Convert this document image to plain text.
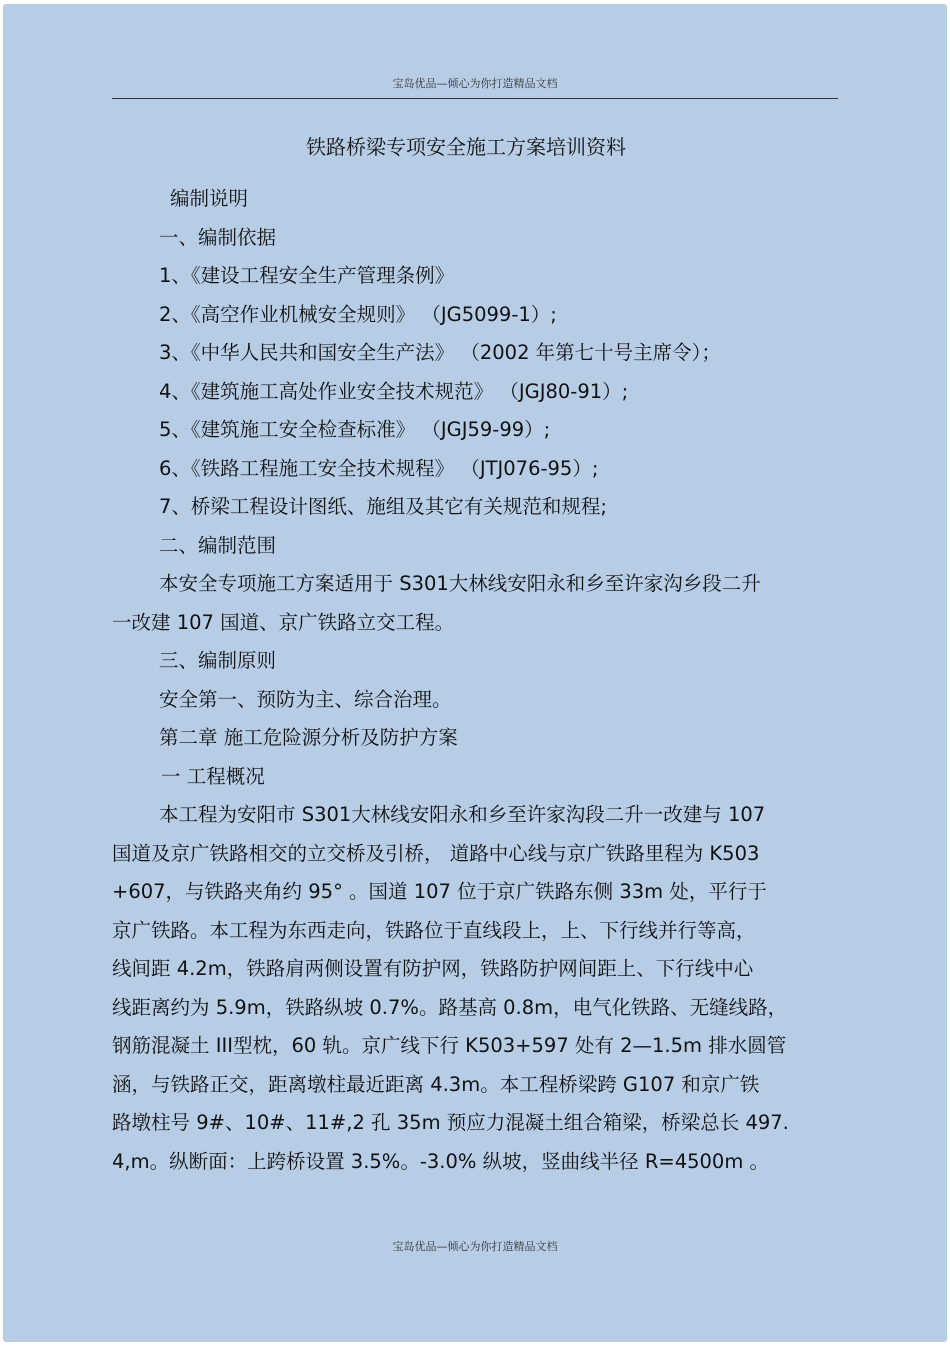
宝岛优品—倾心为你打造精品文档
铁路桥梁专项安全施工方案培训资料
编制说明
一、编制依据
1、《建设工程安全生产管理条例》
2、《高空作业机械安全规则》 （JG5099-1）;
3、《中华人民共和国安全生产法》 （2002 年第七十号主席令）；
4、《建筑施工高处作业安全技术规范》 （JGJ80-91）;
5、《建筑施工安全检查标准》 （JGJ59-99）;
6、《铁路工程施工安全技术规程》 （JTJ076-95）;
7、桥梁工程设计图纸、施组及其它有关规范和规程;
二、编制范围
本安全专项施工方案适用于 S301大林线安阳永和乡至许家沟乡段二升
一改建 107 国道、京广铁路立交工程。
三、编制原则
安全第一、预防为主、综合治理。
第二章 施工危险源分析及防护方案
一 工程概况
本工程为安阳市 S301大林线安阳永和乡至许家沟段二升一改建与 107
国道及京广铁路相交的立交桥及引桥， 道路中心线与京广铁路里程为 K503
+607，与铁路夹角约 95° 。国道 107 位于京广铁路东侧 33m 处，平行于
京广铁路。本工程为东西走向，铁路位于直线段上，上、下行线并行等高，
线间距 4.2m，铁路肩两侧设置有防护网，铁路防护网间距上、下行线中心
线距离约为 5.9m，铁路纵坡 0.7%。路基高 0.8m，电气化铁路、无缝线路，
钢筋混凝土 III型枕，60 轨。京广线下行 K503+597 处有 2—1.5m 排水圆管
涵，与铁路正交，距离墩柱最近距离 4.3m。本工程桥梁跨 G107 和京广铁
路墩柱号 9#、10#、11#,2 孔 35m 预应力混凝土组合箱梁，桥梁总长 497.
4,m。纵断面：上跨桥设置 3.5%。-3.0% 纵坡，竖曲线半径 R=4500m 。
宝岛优品—倾心为你打造精品文档
